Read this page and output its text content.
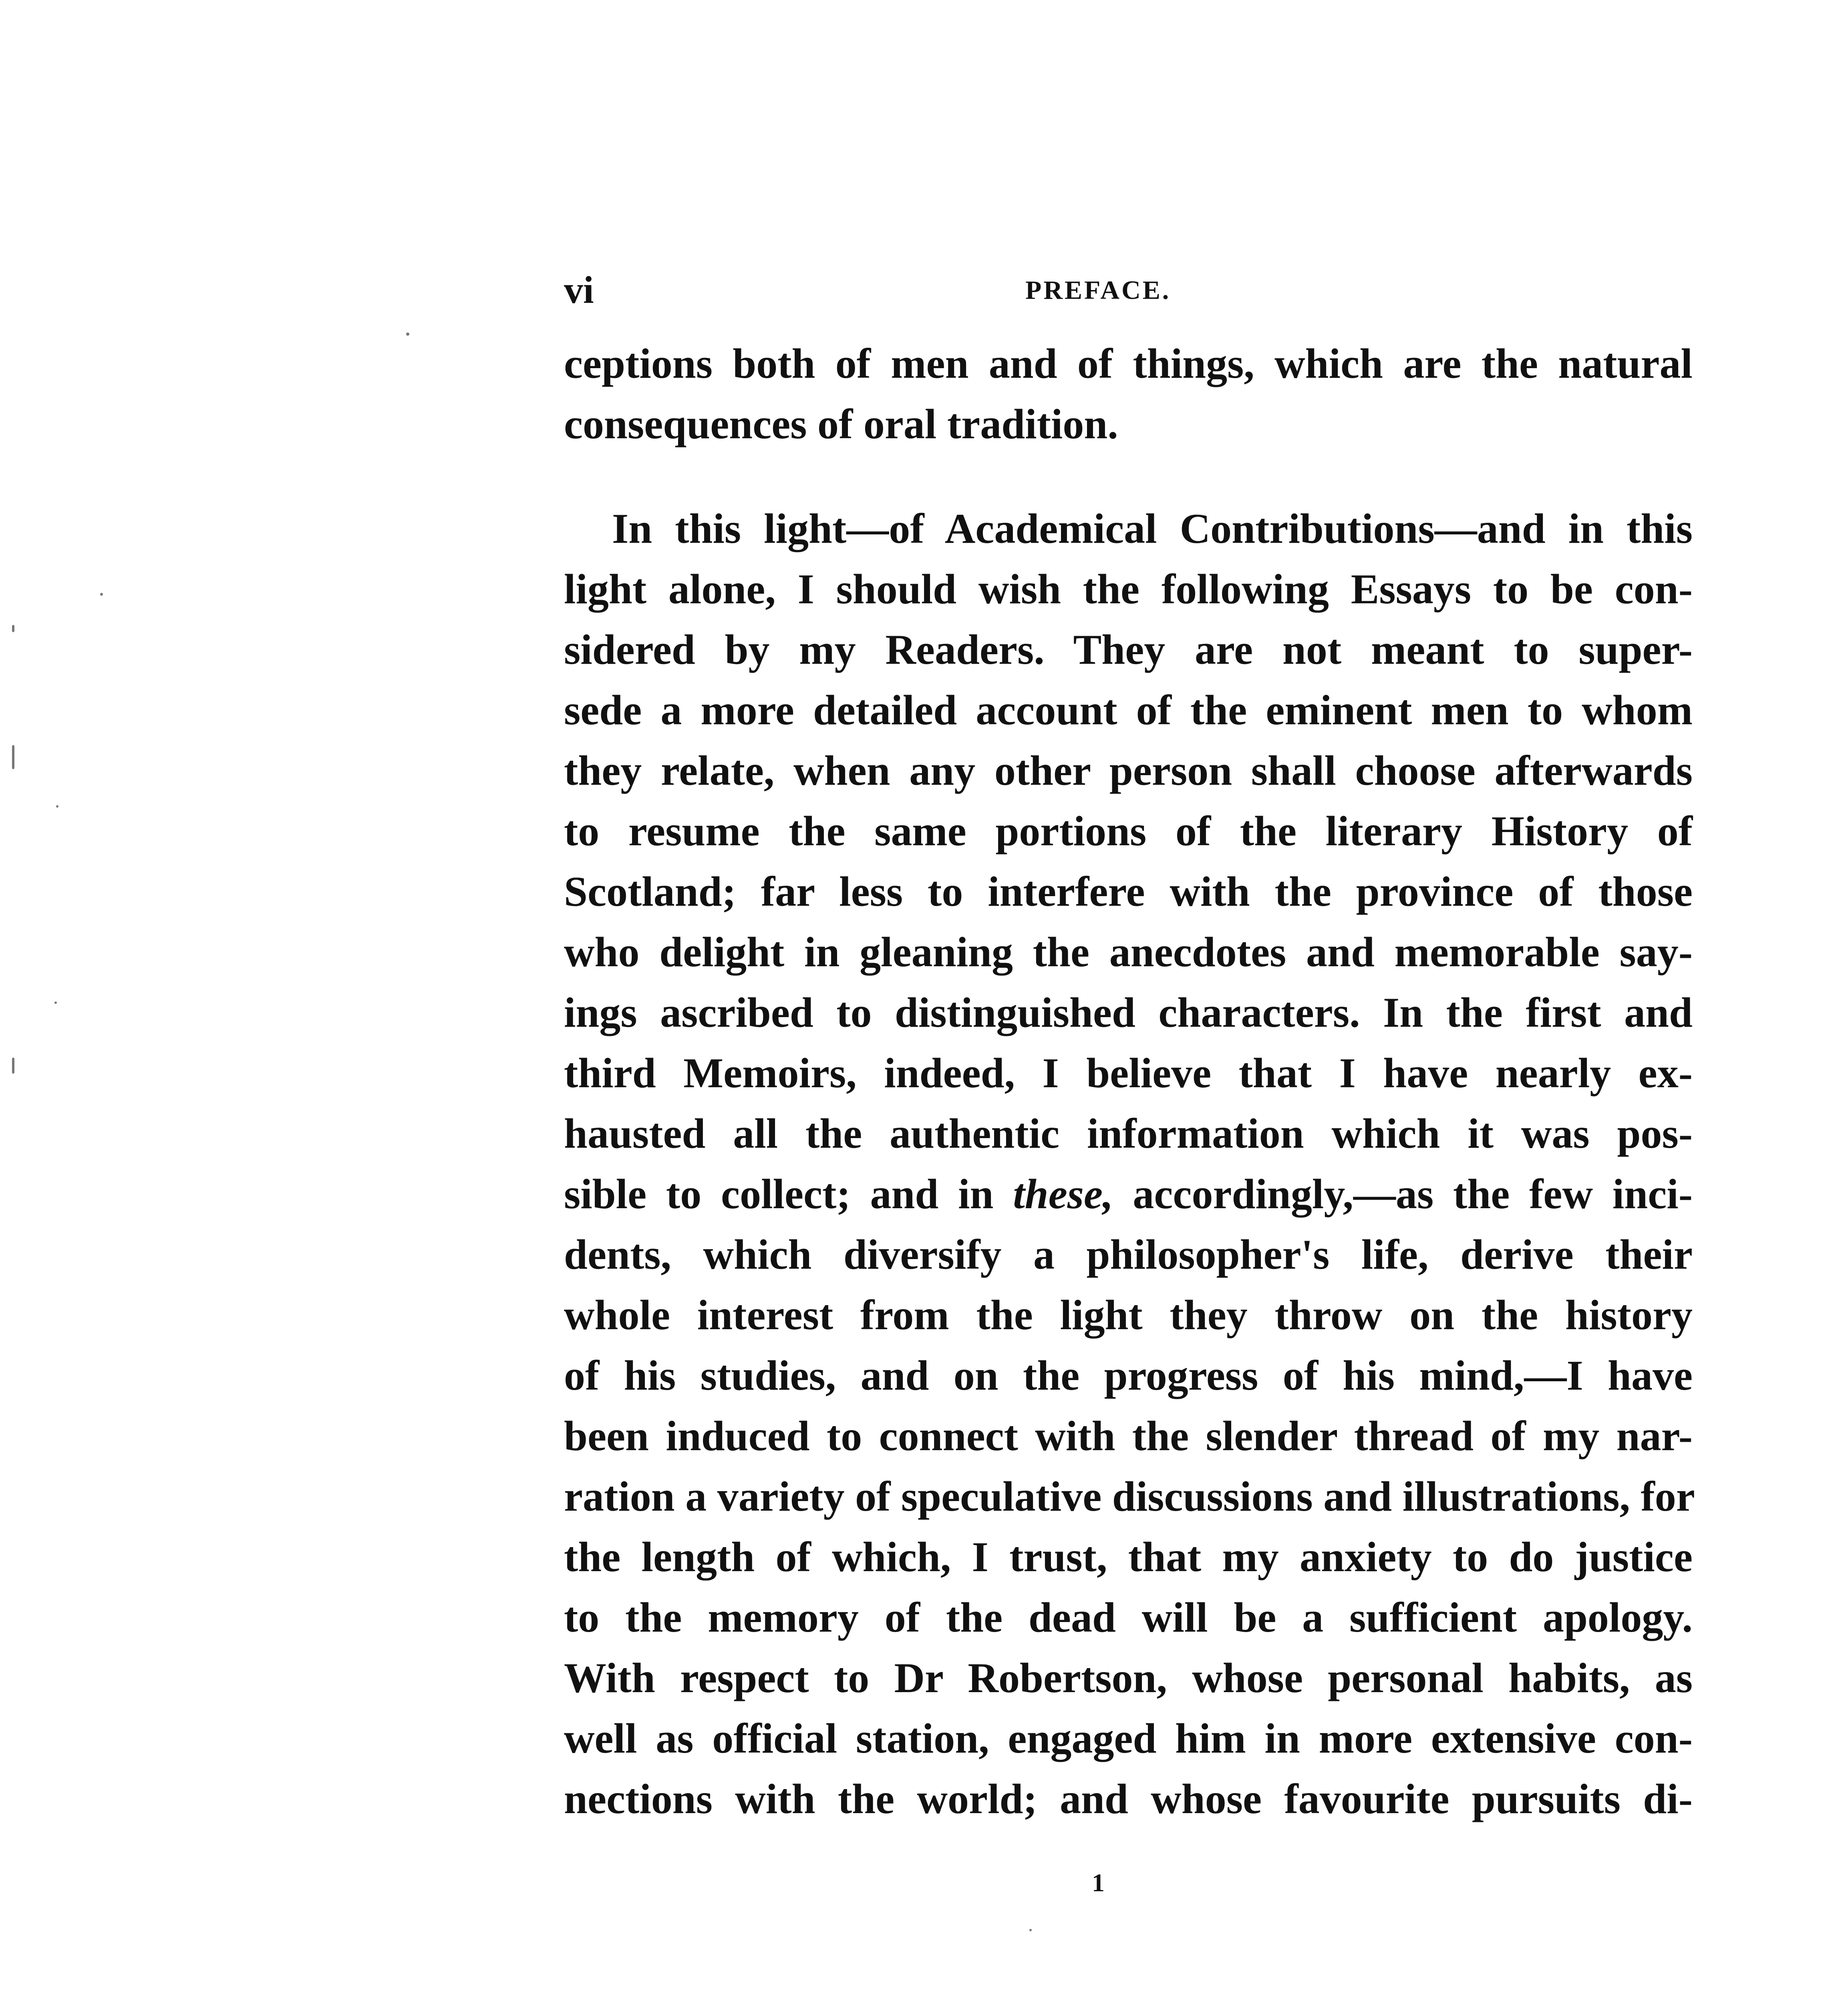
vi	PREFACE.
ceptions both of men and of things, which are the natural
consequences of oral tradition.
In this light—of Academical Contributions—and in this
light alone, I should wish the following Essays to be con-
sidered by my Readers. They are not meant to super-
sede a more detailed account of the eminent men to whom
they relate, when any other person shall choose afterwards
to resume the same portions of the literary History of
Scotland; far less to interfere with the province of those
who delight in gleaning the anecdotes and memorable say-
ings ascribed to distinguished characters. In the first and
third Memoirs, indeed, I believe that I have nearly ex-
hausted all the authentic information which it was pos-
sible to collect; and in these, accordingly,—as the few inci-
dents, which diversify a philosopher's life, derive their
whole interest from the light they throw on the history
of his studies, and on the progress of his mind,—I have
been induced to connect with the slender thread of my nar-
ration a variety of speculative discussions and illustrations, for
the length of which, I trust, that my anxiety to do justice
to the memory of the dead will be a sufficient apology.
With respect to Dr Robertson, whose personal habits, as
well as official station, engaged him in more extensive con-
nections with the world; and whose favourite pursuits di-
1
